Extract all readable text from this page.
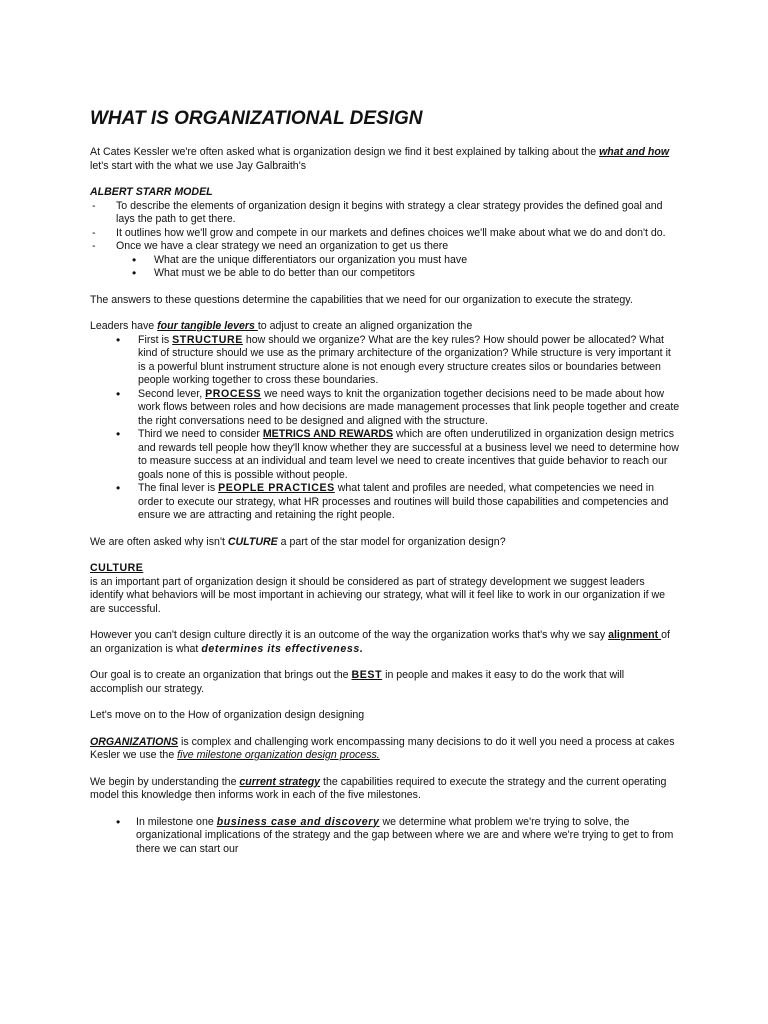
WHAT IS ORGANIZATIONAL DESIGN

At Cates Kessler we're often asked what is organization design we find it best explained by talking about the what and how let's start with the what we use Jay Galbraith's

ALBERT STARR MODEL

- To describe the elements of organization design it begins with strategy a clear strategy provides the defined goal and lays the path to get there.
- It outlines how we'll grow and compete in our markets and defines choices we'll make about what we do and don't do.
- Once we have a clear strategy we need an organization to get us there
• What are the unique differentiators our organization you must have
• What must we be able to do better than our competitors

The answers to these questions determine the capabilities that we need for our organization to execute the strategy.

Leaders have four tangible levers to adjust to create an aligned organization the

• First is STRUCTURE how should we organize? What are the key rules? How should power be allocated? What kind of structure should we use as the primary architecture of the organization? While structure is very important it is a powerful blunt instrument structure alone is not enough every structure creates silos or boundaries between people working together to cross these boundaries.
• Second lever, PROCESS we need ways to knit the organization together decisions need to be made about how work flows between roles and how decisions are made management processes that link people together and create the right conversations need to be designed and aligned with the structure.
• Third we need to consider METRICS AND REWARDS which are often underutilized in organization design metrics and rewards tell people how they'll know whether they are successful at a business level we need to determine how to measure success at an individual and team level we need to create incentives that guide behavior to reach our goals none of this is possible without people.
• The final lever is PEOPLE PRACTICES what talent and profiles are needed, what competencies we need in order to execute our strategy, what HR processes and routines will build those capabilities and competencies and ensure we are attracting and retaining the right people.

We are often asked why isn't CULTURE a part of the star model for organization design?

CULTURE

is an important part of organization design it should be considered as part of strategy development we suggest leaders identify what behaviors will be most important in achieving our strategy, what will it feel like to work in our organization if we are successful.

However you can't design culture directly it is an outcome of the way the organization works that's why we say alignment of an organization is what determines its effectiveness.

Our goal is to create an organization that brings out the BEST in people and makes it easy to do the work that will accomplish our strategy.

Let's move on to the How of organization design designing

ORGANIZATIONS is complex and challenging work encompassing many decisions to do it well you need a process at cakes Kesler we use the five milestone organization design process.

We begin by understanding the current strategy the capabilities required to execute the strategy and the current operating model this knowledge then informs work in each of the five milestones.

• In milestone one business case and discovery we determine what problem we're trying to solve, the organizational implications of the strategy and the gap between where we are and where we're trying to get to from there we can start our
